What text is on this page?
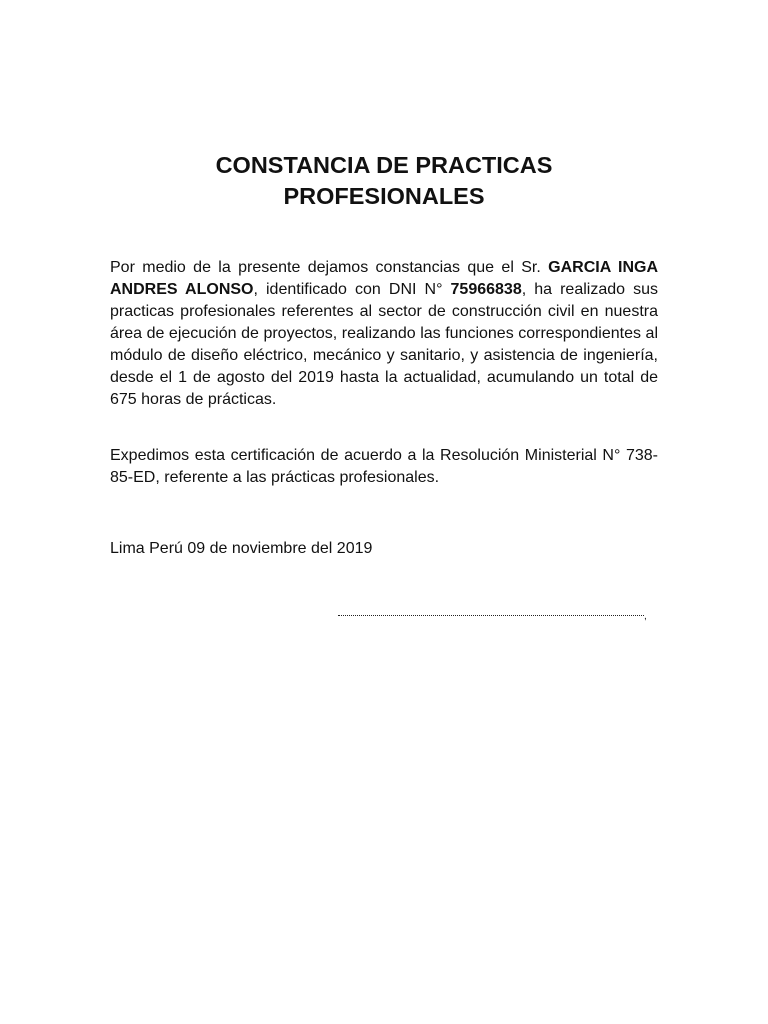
CONSTANCIA DE PRACTICAS
PROFESIONALES

Por medio de la presente dejamos constancias que el Sr. GARCIA INGA ANDRES ALONSO, identificado con DNI N° 75966838, ha realizado sus practicas profesionales referentes al sector de construcción civil en nuestra área de ejecución de proyectos, realizando las funciones correspondientes al módulo de diseño eléctrico, mecánico y sanitario, y asistencia de ingeniería, desde el 1 de agosto del 2019 hasta la actualidad, acumulando un total de 675 horas de prácticas.

Expedimos esta certificación de acuerdo a la Resolución Ministerial N° 738-85-ED, referente a las prácticas profesionales.

Lima Perú 09 de noviembre del 2019

,
